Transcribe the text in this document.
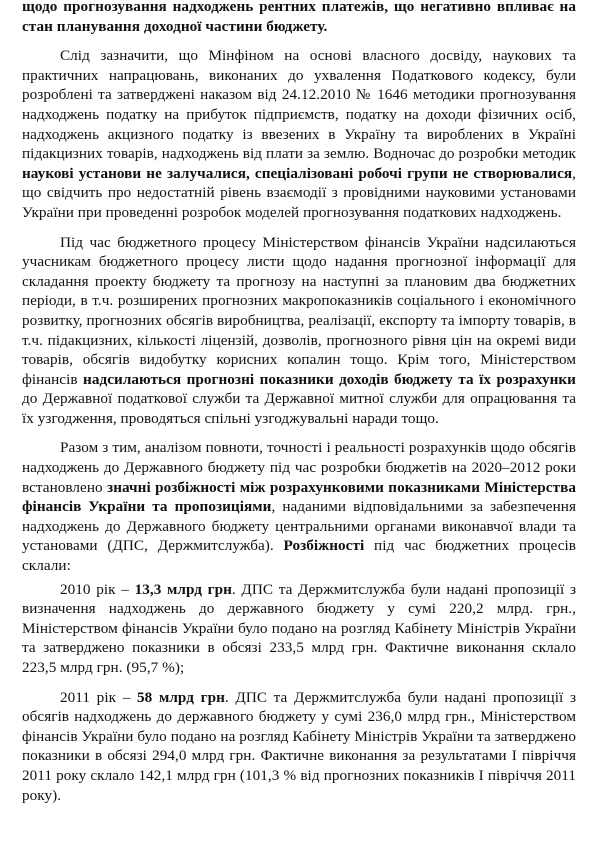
щодо прогнозування надходжень рентних платежів, що негативно впливає на стан планування доходної частини бюджету.

Слід зазначити, що Мінфіном на основі власного досвіду, наукових та практичних напрацювань, виконаних до ухвалення Податкового кодексу, були розроблені та затверджені наказом від 24.12.2010 № 1646 методики прогнозування надходжень податку на прибуток підприємств, податку на доходи фізичних осіб, надходжень акцизного податку із ввезених в Україну та вироблених в Україні підакцизних товарів, надходжень від плати за землю. Водночас до розробки методик наукові установи не залучалися, спеціалізовані робочі групи не створювалися, що свідчить про недостатній рівень взаємодії з провідними науковими установами України при проведенні розробок моделей прогнозування податкових надходжень.

Під час бюджетного процесу Міністерством фінансів України надсилаються учасникам бюджетного процесу листи щодо надання прогнозної інформації для складання проекту бюджету та прогнозу на наступні за плановим два бюджетних періоди, в т.ч. розширених прогнозних макропоказників соціального і економічного розвитку, прогнозних обсягів виробництва, реалізації, експорту та імпорту товарів, в т.ч. підакцизних, кількості ліцензій, дозволів, прогнозного рівня цін на окремі види товарів, обсягів видобутку корисних копалин тощо. Крім того, Міністерством фінансів надсилаються прогнозні показники доходів бюджету та їх розрахунки до Державної податкової служби та Державної митної служби для опрацювання та їх узгодження, проводяться спільні узгоджувальні наради тощо.

Разом з тим, аналізом повноти, точності і реальності розрахунків щодо обсягів надходжень до Державного бюджету під час розробки бюджетів на 2020–2012 роки встановлено значні розбіжності між розрахунковими показниками Міністерства фінансів України та пропозиціями, наданими відповідальними за забезпечення надходжень до Державного бюджету центральними органами виконавчої влади та установами (ДПС, Держмитслужба). Розбіжності під час бюджетних процесів склали:

2010 рік – 13,3 млрд грн. ДПС та Держмитслужба були надані пропозиції з визначення надходжень до державного бюджету у сумі 220,2 млрд. грн., Міністерством фінансів України було подано на розгляд Кабінету Міністрів України та затверджено показники в обсязі 233,5 млрд грн. Фактичне виконання склало 223,5 млрд грн. (95,7 %);

2011 рік – 58 млрд грн. ДПС та Держмитслужба були надані пропозиції з обсягів надходжень до державного бюджету у сумі 236,0 млрд грн., Міністерством фінансів України було подано на розгляд Кабінету Міністрів України та затверджено показники в обсязі 294,0 млрд грн. Фактичне виконання за результатами І півріччя 2011 року склало 142,1 млрд грн (101,3 % від прогнозних показників І півріччя 2011 року).
